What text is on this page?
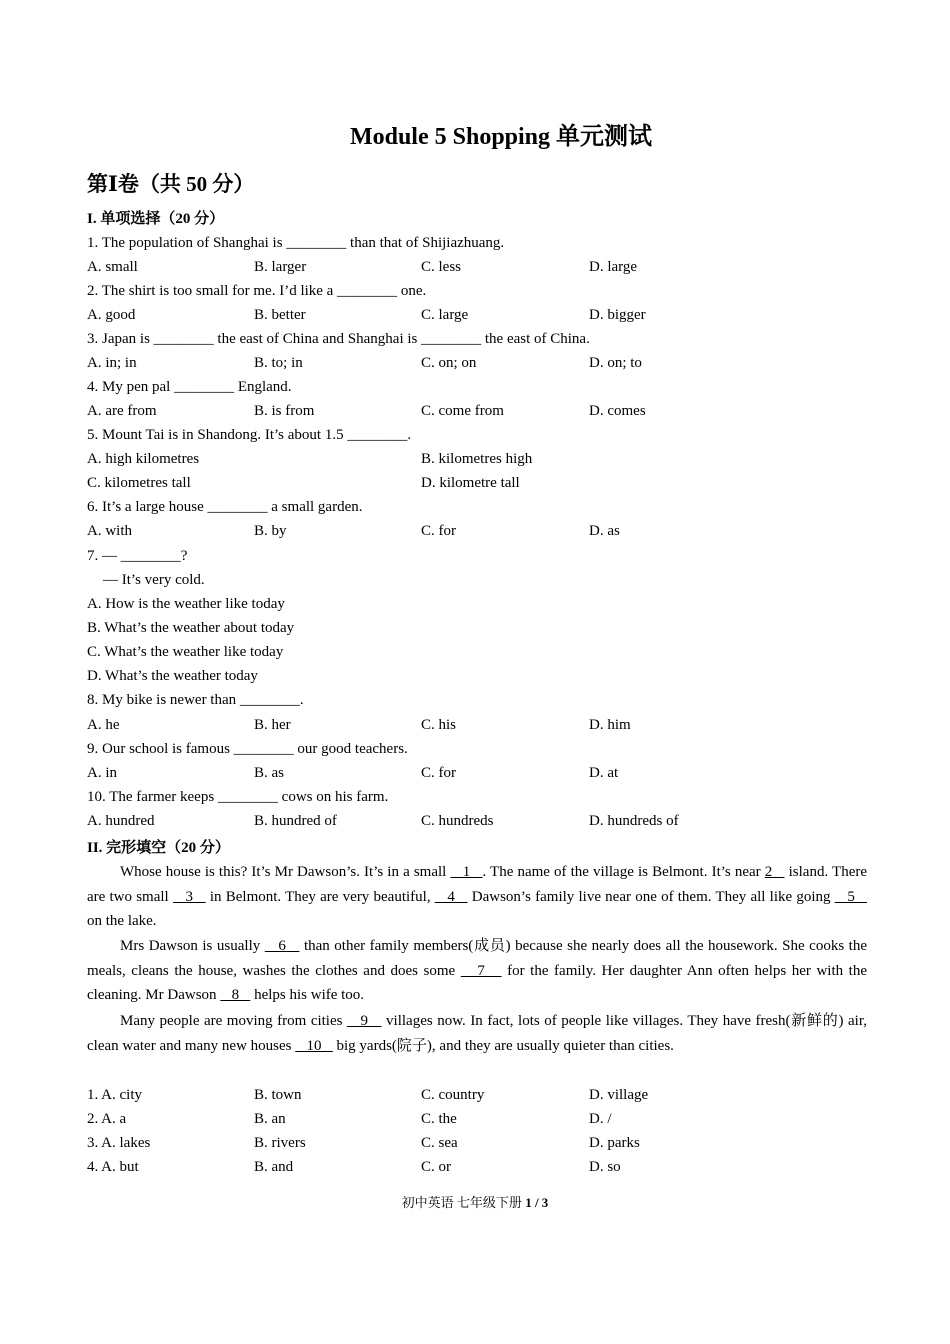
Module 5 Shopping 单元测试
第Ⅰ卷（共 50 分）
I. 单项选择（20 分）
1. The population of Shanghai is ________ than that of Shijiazhuang.
A. small	B. larger	C. less	D. large
2. The shirt is too small for me. I’d like a ________ one.
A. good	B. better	C. large	D. bigger
3. Japan is ________ the east of China and Shanghai is ________ the east of China.
A. in; in	B. to; in	C. on; on	D. on; to
4. My pen pal ________ England.
A. are from	B. is from	C. come from	D. comes
5. Mount Tai is in Shandong. It’s about 1.5 ________.
A. high kilometres	B. kilometres high
C. kilometres tall	D. kilometre tall
6. It’s a large house ________ a small garden.
A. with	B. by	C. for	D. as
7. — ________?
— It’s very cold.
A. How is the weather like today
B. What’s the weather about today
C. What’s the weather like today
D. What’s the weather today
8. My bike is newer than ________.
A. he	B. her	C. his	D. him
9. Our school is famous ________ our good teachers.
A. in	B. as	C. for	D. at
10. The farmer keeps ________ cows on his farm.
A. hundred	B. hundred of	C. hundreds	D. hundreds of
II. 完形填空（20 分）
Whose house is this? It’s Mr Dawson’s. It’s in a small    1   . The name of the village is Belmont. It’s near 2    island. There are two small    3    in Belmont. They are very beautiful,    4    Dawson’s family live near one of them. They all like going    5    on the lake.
Mrs Dawson is usually    6    than other family members(成员) because she nearly does all the housework. She cooks the meals, cleans the house, washes the clothes and does some    7    for the family. Her daughter Ann often helps her with the cleaning. Mr Dawson    8    helps his wife too.
Many people are moving from cities    9    villages now. In fact, lots of people like villages. They have fresh(新鲜的) air, clean water and many new houses    10    big yards(院子), and they are usually quieter than cities.
1. A. city	B. town	C. country	D. village
2. A. a	B. an	C. the	D. /
3. A. lakes	B. rivers	C. sea	D. parks
4. A. but	B. and	C. or	D. so
初中英语 七年级下册 1 / 3
